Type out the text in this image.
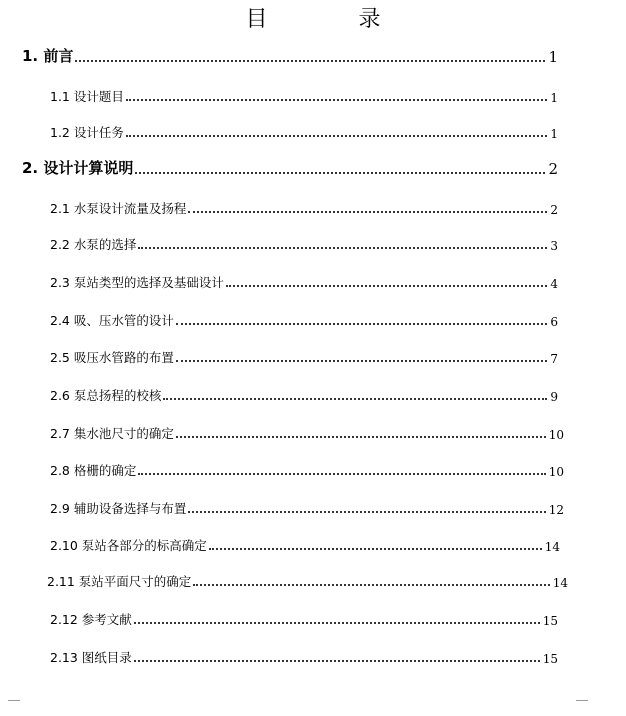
目 录
1. 前言	1
1.1 设计题目	1
1.2 设计任务	1
2. 设计计算说明	2
2.1 水泵设计流量及扬程	2
2.2 水泵的选择	3
2.3 泵站类型的选择及基础设计	4
2.4 吸、压水管的设计	6
2.5 吸压水管路的布置	7
2.6 泵总扬程的校核	9
2.7 集水池尺寸的确定	10
2.8 格栅的确定	10
2.9 辅助设备选择与布置	12
2.10 泵站各部分的标高确定	14
2.11 泵站平面尺寸的确定	14
2.12 参考文献	15
2.13 图纸目录	15
